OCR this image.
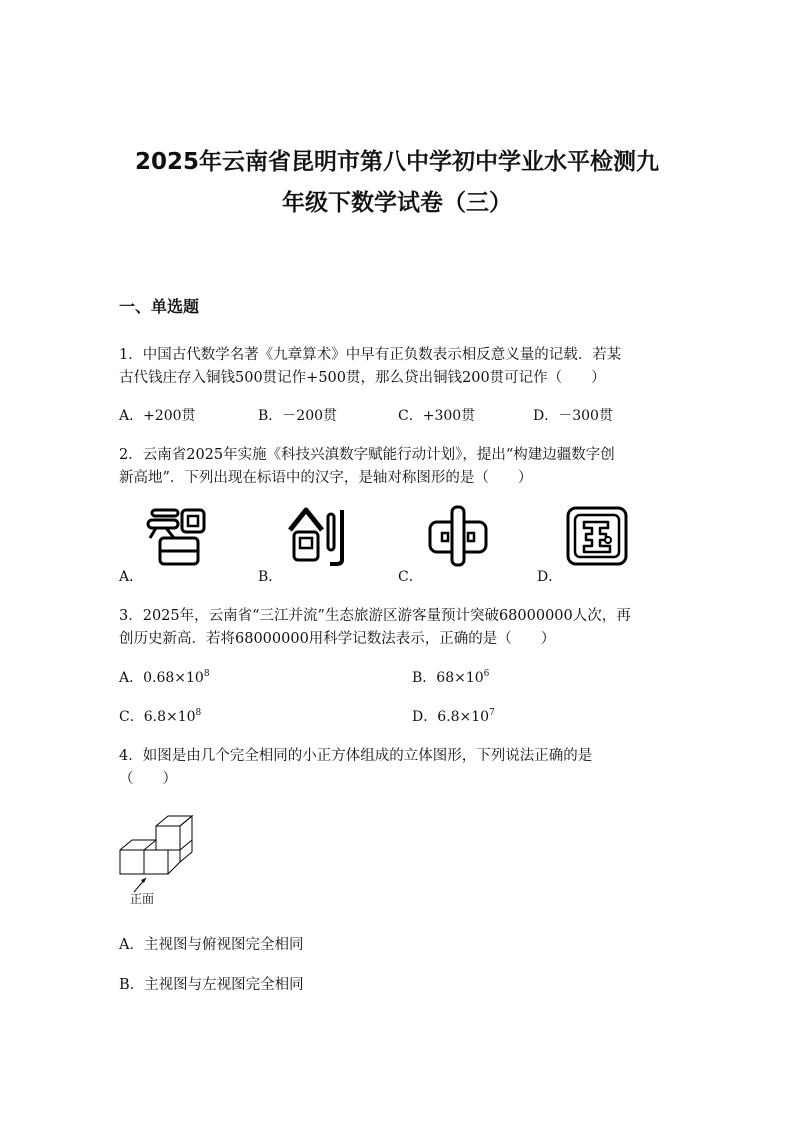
2025年云南省昆明市第八中学初中学业水平检测九
年级下数学试卷（三）
一、单选题
1．中国古代数学名著《九章算术》中早有正负数表示相反意义量的记载．若某
古代钱庄存入铜钱500贯记作+500贯，那么贷出铜钱200贯可记作（　　）
A．+200贯	B．－200贯	C．+300贯	D．－300贯
2．云南省2025年实施《科技兴滇数字赋能行动计划》，提出“构建边疆数字创
新高地”．下列出现在标语中的汉字，是轴对称图形的是（　　）
A．	B．	C．	D．
3．2025年，云南省“三江并流”生态旅游区游客量预计突破68000000人次，再
创历史新高．若将68000000用科学记数法表示，正确的是（　　）
A．$0.68\times 10^8$	B．$68\times 10^6$
C．$6.8\times 10^8$	D．$6.8\times 10^7$
4．如图是由几个完全相同的小正方体组成的立体图形，下列说法正确的是
（　　）
正面
A．主视图与俯视图完全相同
B．主视图与左视图完全相同
